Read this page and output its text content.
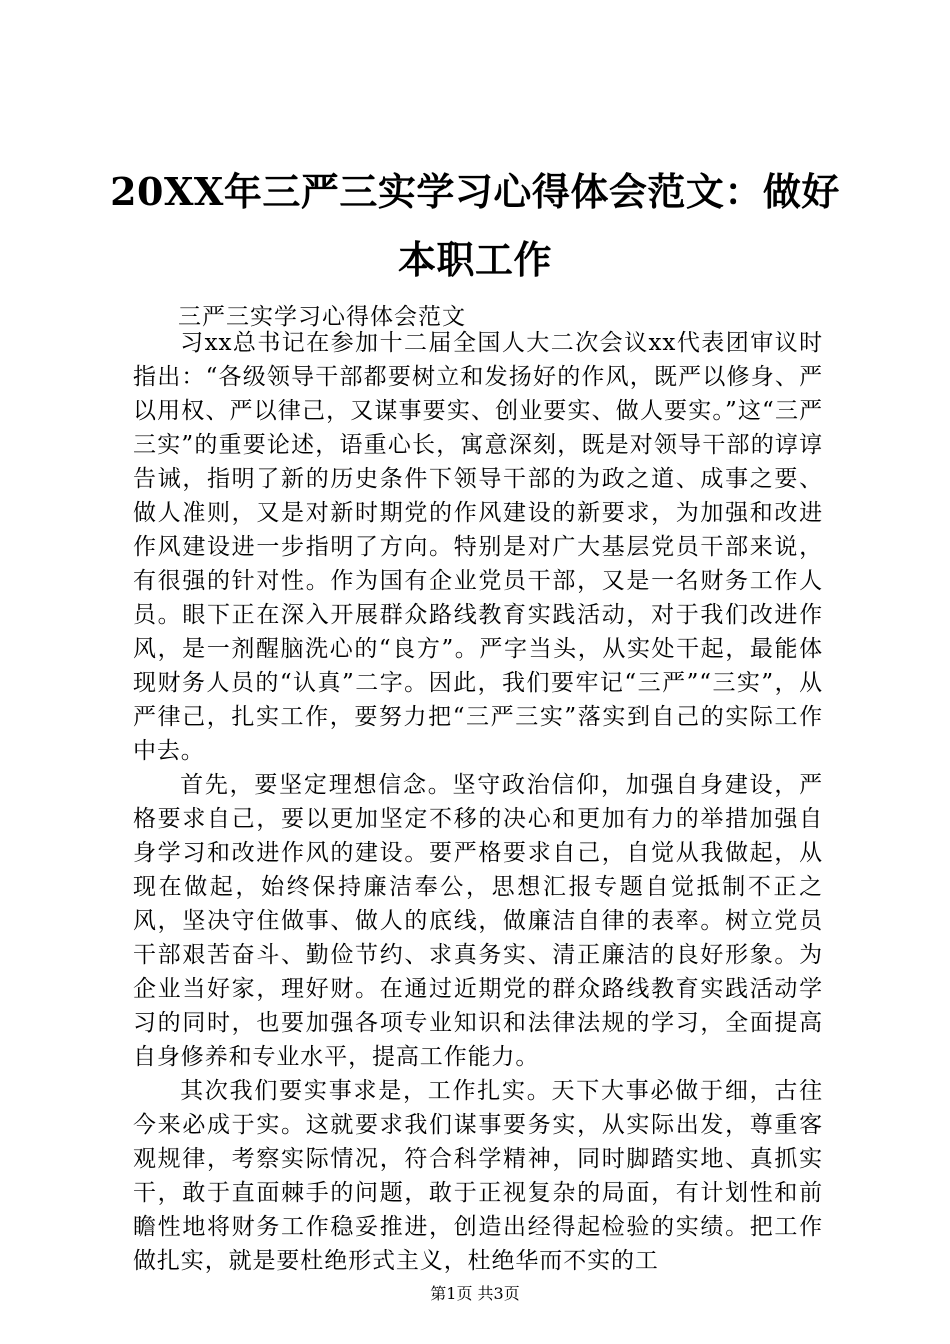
20XX年三严三实学习心得体会范文：做好本职工作

三严三实学习心得体会范文

习xx总书记在参加十二届全国人大二次会议xx代表团审议时指出：“各级领导干部都要树立和发扬好的作风，既严以修身、严以用权、严以律己，又谋事要实、创业要实、做人要实。”这“三严三实”的重要论述，语重心长，寓意深刻，既是对领导干部的谆谆告诫，指明了新的历史条件下领导干部的为政之道、成事之要、做人准则，又是对新时期党的作风建设的新要求，为加强和改进作风建设进一步指明了方向。特别是对广大基层党员干部来说，有很强的针对性。作为国有企业党员干部，又是一名财务工作人员。眼下正在深入开展群众路线教育实践活动，对于我们改进作风，是一剂醒脑洗心的“良方”。严字当头，从实处干起，最能体现财务人员的“认真”二字。因此，我们要牢记“三严”“三实”，从严律己，扎实工作，要努力把“三严三实”落实到自己的实际工作中去。

首先，要坚定理想信念。坚守政治信仰，加强自身建设，严格要求自己，要以更加坚定不移的决心和更加有力的举措加强自身学习和改进作风的建设。要严格要求自己，自觉从我做起，从现在做起，始终保持廉洁奉公，思想汇报专题自觉抵制不正之风，坚决守住做事、做人的底线，做廉洁自律的表率。树立党员干部艰苦奋斗、勤俭节约、求真务实、清正廉洁的良好形象。为企业当好家，理好财。在通过近期党的群众路线教育实践活动学习的同时，也要加强各项专业知识和法律法规的学习，全面提高自身修养和专业水平，提高工作能力。

其次我们要实事求是，工作扎实。天下大事必做于细，古往今来必成于实。这就要求我们谋事要务实，从实际出发，尊重客观规律，考察实际情况，符合科学精神，同时脚踏实地、真抓实干，敢于直面棘手的问题，敢于正视复杂的局面，有计划性和前瞻性地将财务工作稳妥推进，创造出经得起检验的实绩。把工作做扎实，就是要杜绝形式主义，杜绝华而不实的工

第1页 共3页
